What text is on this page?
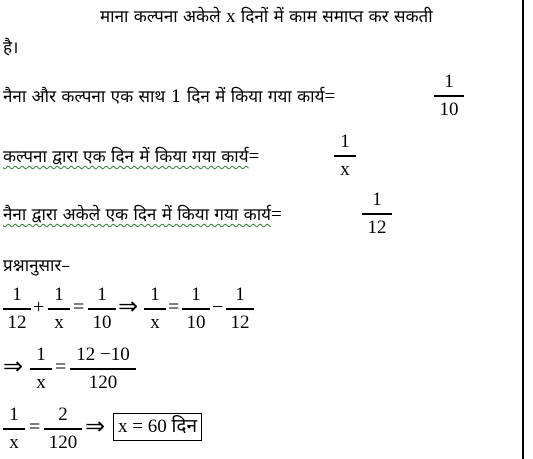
माना कल्पना अकेले x दिनों में काम समाप्त कर सकती
है।
नैना और कल्पना एक साथ 1 दिन में किया गया कार्य=
1
10
कल्पना द्वारा एक दिन में किया गया कार्य=
1
x
नैना द्वारा अकेले एक दिन में किया गया कार्य=
1
12
प्रश्नानुसार–
1
12
+
1
x
=
1
10
⇒ 1
x
=
1
10
−
1
12
⇒ 1
x
=
12 −10
120
1
x
=
2
120
⇒ x = 60 दिन
